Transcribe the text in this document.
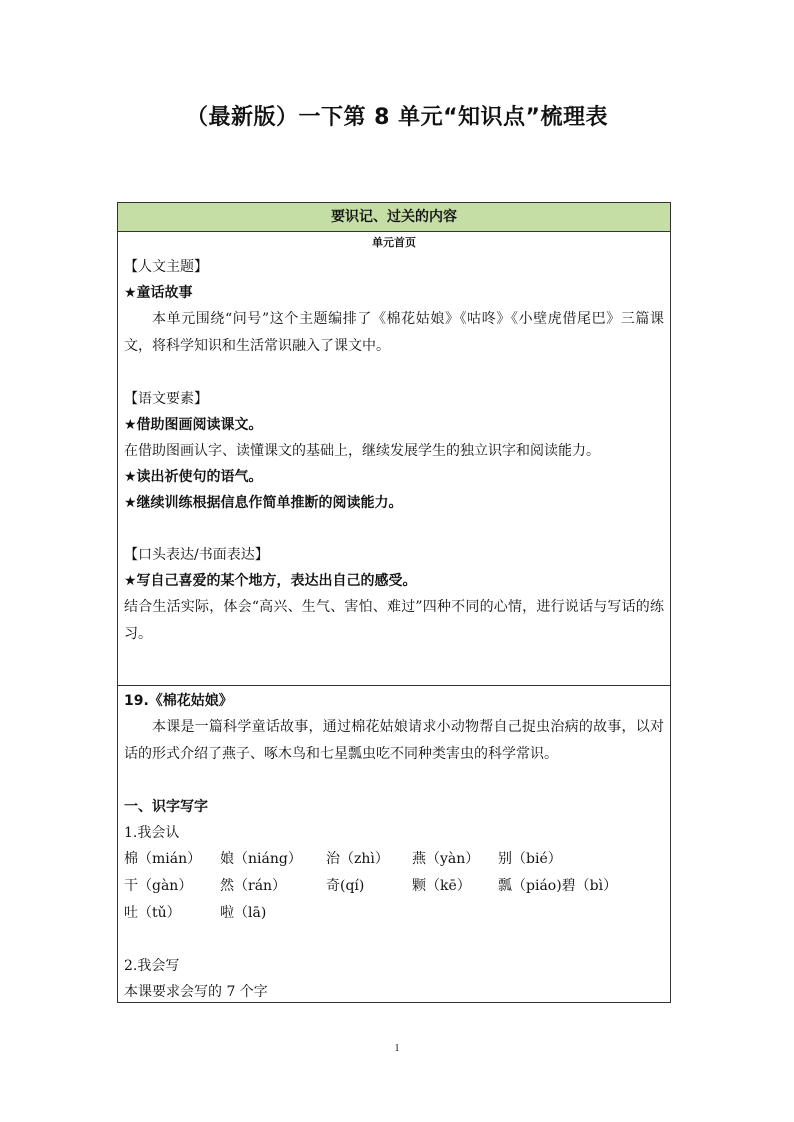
（最新版）一下第 8 单元“知识点”梳理表
要识记、过关的内容
单元首页
【人文主题】
★童话故事
本单元围绕“问号”这个主题编排了《棉花姑娘》《咕咚》《小壁虎借尾巴》三篇课文，将科学知识和生活常识融入了课文中。
【语文要素】
★借助图画阅读课文。
在借助图画认字、读懂课文的基础上，继续发展学生的独立识字和阅读能力。
★读出祈使句的语气。
★继续训练根据信息作简单推断的阅读能力。
【口头表达/书面表达】
★写自己喜爱的某个地方，表达出自己的感受。
结合生活实际，体会“高兴、生气、害怕、难过”四种不同的心情，进行说话与写话的练习。
19.《棉花姑娘》
本课是一篇科学童话故事，通过棉花姑娘请求小动物帮自己捉虫治病的故事，以对话的形式介绍了燕子、啄木鸟和七星瓢虫吃不同种类害虫的科学常识。
一、识字写字
1.我会认
棉（mián） 娘（niáng） 治（zhì） 燕（yàn） 别（bié）
干（gàn） 然（rán）	奇(qí)	颗（kē） 瓢（piáo)碧（bì）
吐（tǔ）	啦（lā)
2.我会写
本课要求会写的 7 个字
1
